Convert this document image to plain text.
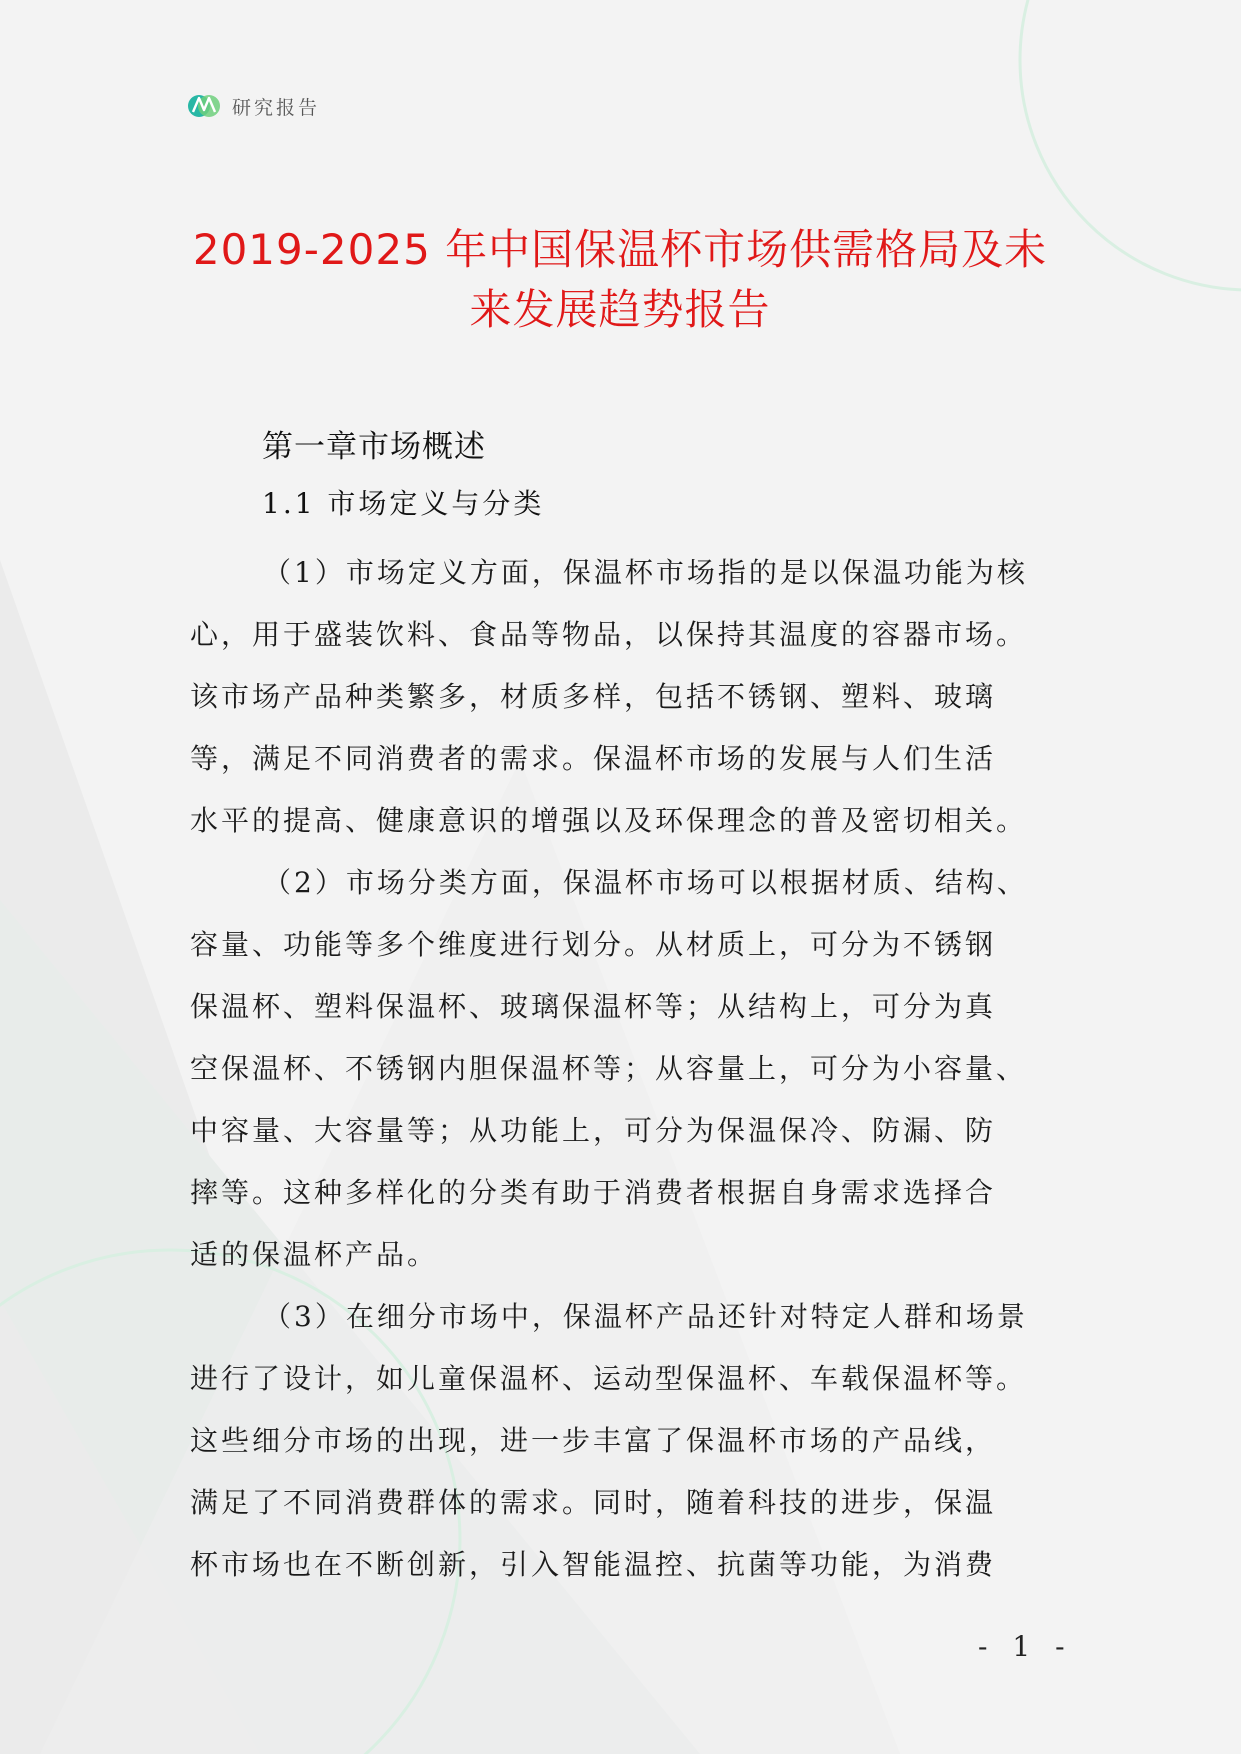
研究报告
2019-2025 年中国保温杯市场供需格局及未
来发展趋势报告
第一章市场概述
1.1 市场定义与分类

（1）市场定义方面，保温杯市场指的是以保温功能为核
心，用于盛装饮料、食品等物品，以保持其温度的容器市场。
该市场产品种类繁多，材质多样，包括不锈钢、塑料、玻璃
等，满足不同消费者的需求。保温杯市场的发展与人们生活
水平的提高、健康意识的增强以及环保理念的普及密切相关。

（2）市场分类方面，保温杯市场可以根据材质、结构、
容量、功能等多个维度进行划分。从材质上，可分为不锈钢
保温杯、塑料保温杯、玻璃保温杯等；从结构上，可分为真
空保温杯、不锈钢内胆保温杯等；从容量上，可分为小容量、
中容量、大容量等；从功能上，可分为保温保冷、防漏、防
摔等。这种多样化的分类有助于消费者根据自身需求选择合
适的保温杯产品。

（3）在细分市场中，保温杯产品还针对特定人群和场景
进行了设计，如儿童保温杯、运动型保温杯、车载保温杯等。
这些细分市场的出现，进一步丰富了保温杯市场的产品线，
满足了不同消费群体的需求。同时，随着科技的进步，保温
杯市场也在不断创新，引入智能温控、抗菌等功能，为消费

- 1 -
